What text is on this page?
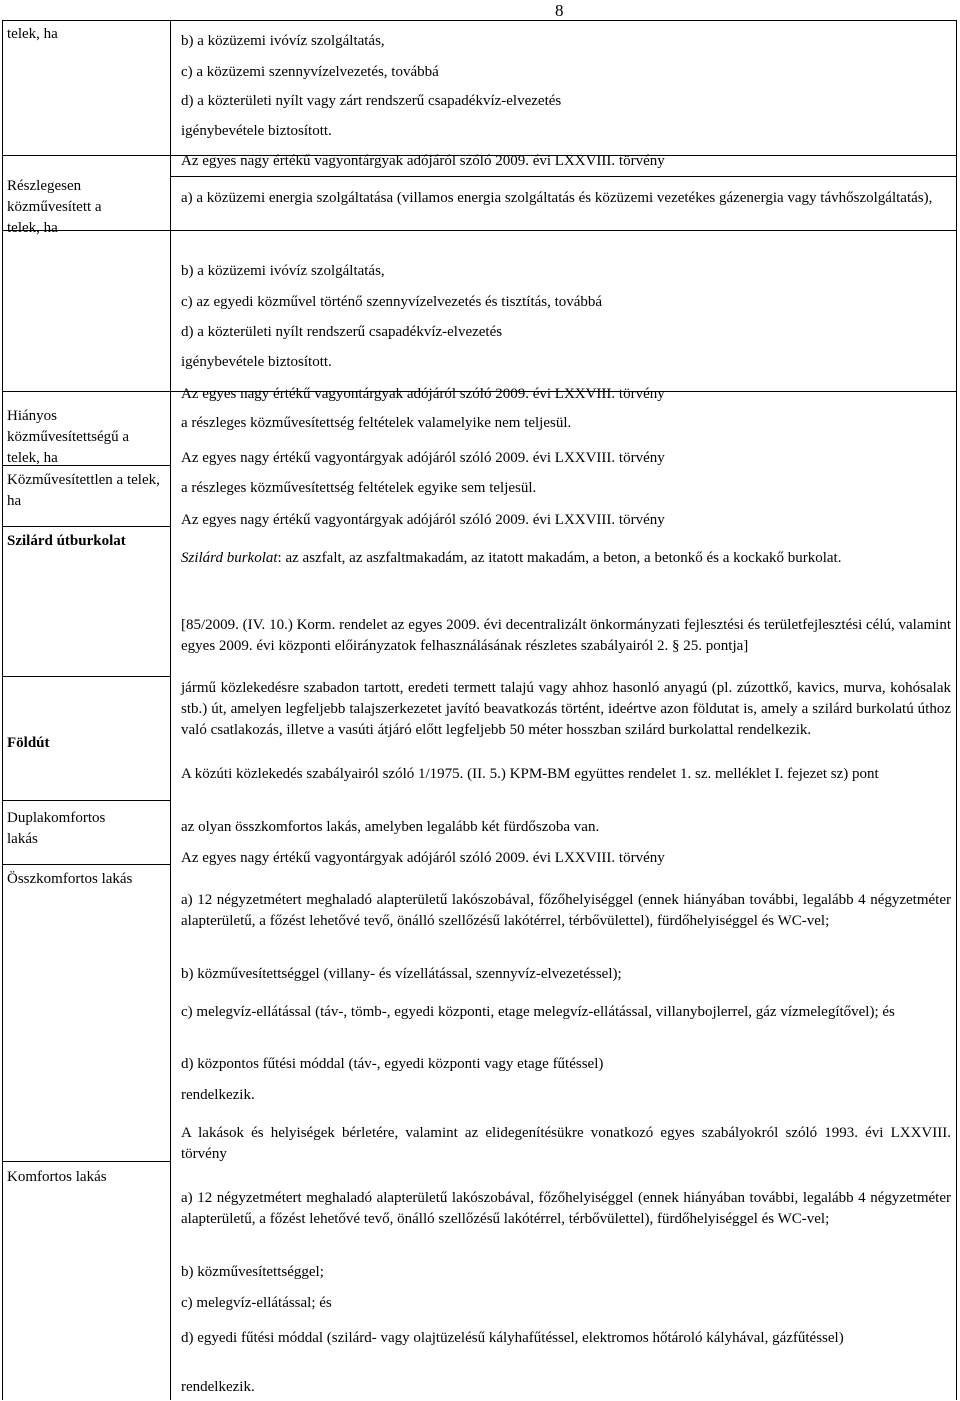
8
telek, ha
Részlegesen közművesített a telek, ha
Hiányos közművesítettségű a telek, ha
Közművesítettlen a telek, ha
Szilárd útburkolat
Földút
Duplakomfortos lakás
Összkomfortos lakás
Komfortos lakás
b) a közüzemi ivóvíz szolgáltatás,
c) a közüzemi szennyvízelvezetés, továbbá
d) a közterületi nyílt vagy zárt rendszerű csapadékvíz-elvezetés
igénybevétele biztosított.
Az egyes nagy értékű vagyontárgyak adójáról szóló 2009. évi LXXVIII. törvény
a) a közüzemi energia szolgáltatása (villamos energia szolgáltatás és közüzemi vezetékes gázenergia vagy távhőszolgáltatás),
b) a közüzemi ivóvíz szolgáltatás,
c) az egyedi közművel történő szennyvízelvezetés és tisztítás, továbbá
d) a közterületi nyílt rendszerű csapadékvíz-elvezetés
igénybevétele biztosított.
Az egyes nagy értékű vagyontárgyak adójáról szóló 2009. évi LXXVIII. törvény
a részleges közművesítettség feltételek valamelyike nem teljesül.
Az egyes nagy értékű vagyontárgyak adójáról szóló 2009. évi LXXVIII. törvény
a részleges közművesítettség feltételek egyike sem teljesül.
Az egyes nagy értékű vagyontárgyak adójáról szóló 2009. évi LXXVIII. törvény
Szilárd burkolat: az aszfalt, az aszfaltmakadám, az itatott makadám, a beton, a betonkő és a kockakő burkolat.
[85/2009. (IV. 10.) Korm. rendelet az egyes 2009. évi decentralizált önkormányzati fejlesztési és területfejlesztési célú, valamint egyes 2009. évi központi előirányzatok felhasználásának részletes szabályairól 2. § 25. pontja]
jármű közlekedésre szabadon tartott, eredeti termett talajú vagy ahhoz hasonló anyagú (pl. zúzottkő, kavics, murva, kohósalak stb.) út, amelyen legfeljebb talajszerkezetet javító beavatkozás történt, ideértve azon földutat is, amely a szilárd burkolatú úthoz való csatlakozás, illetve a vasúti átjáró előtt legfeljebb 50 méter hosszban szilárd burkolattal rendelkezik.
A közúti közlekedés szabályairól szóló 1/1975. (II. 5.) KPM-BM együttes rendelet 1. sz. melléklet I. fejezet sz) pont
az olyan összkomfortos lakás, amelyben legalább két fürdőszoba van.
Az egyes nagy értékű vagyontárgyak adójáról szóló 2009. évi LXXVIII. törvény
a) 12 négyzetmétert meghaladó alapterületű lakószobával, főzőhelyiséggel (ennek hiányában további, legalább 4 négyzetméter alapterületű, a főzést lehetővé tevő, önálló szellőzésű lakótérrel, térbővülettel), fürdőhelyiséggel és WC-vel;
b) közművesítettséggel (villany- és vízellátással, szennyvíz-elvezetéssel);
c) melegvíz-ellátással (táv-, tömb-, egyedi központi, etage melegvíz-ellátással, villanybojlerrel, gáz vízmelegítővel); és
d) központos fűtési móddal (táv-, egyedi központi vagy etage fűtéssel)
rendelkezik.
A lakások és helyiségek bérletére, valamint az elidegenítésükre vonatkozó egyes szabályokról szóló 1993. évi LXXVIII. törvény
a) 12 négyzetmétert meghaladó alapterületű lakószobával, főzőhelyiséggel (ennek hiányában további, legalább 4 négyzetméter alapterületű, a főzést lehetővé tevő, önálló szellőzésű lakótérrel, térbővülettel), fürdőhelyiséggel és WC-vel;
b) közművesítettséggel;
c) melegvíz-ellátással; és
d) egyedi fűtési móddal (szilárd- vagy olajtüzelésű kályhafűtéssel, elektromos hőtároló kályhával, gázfűtéssel)
rendelkezik.
